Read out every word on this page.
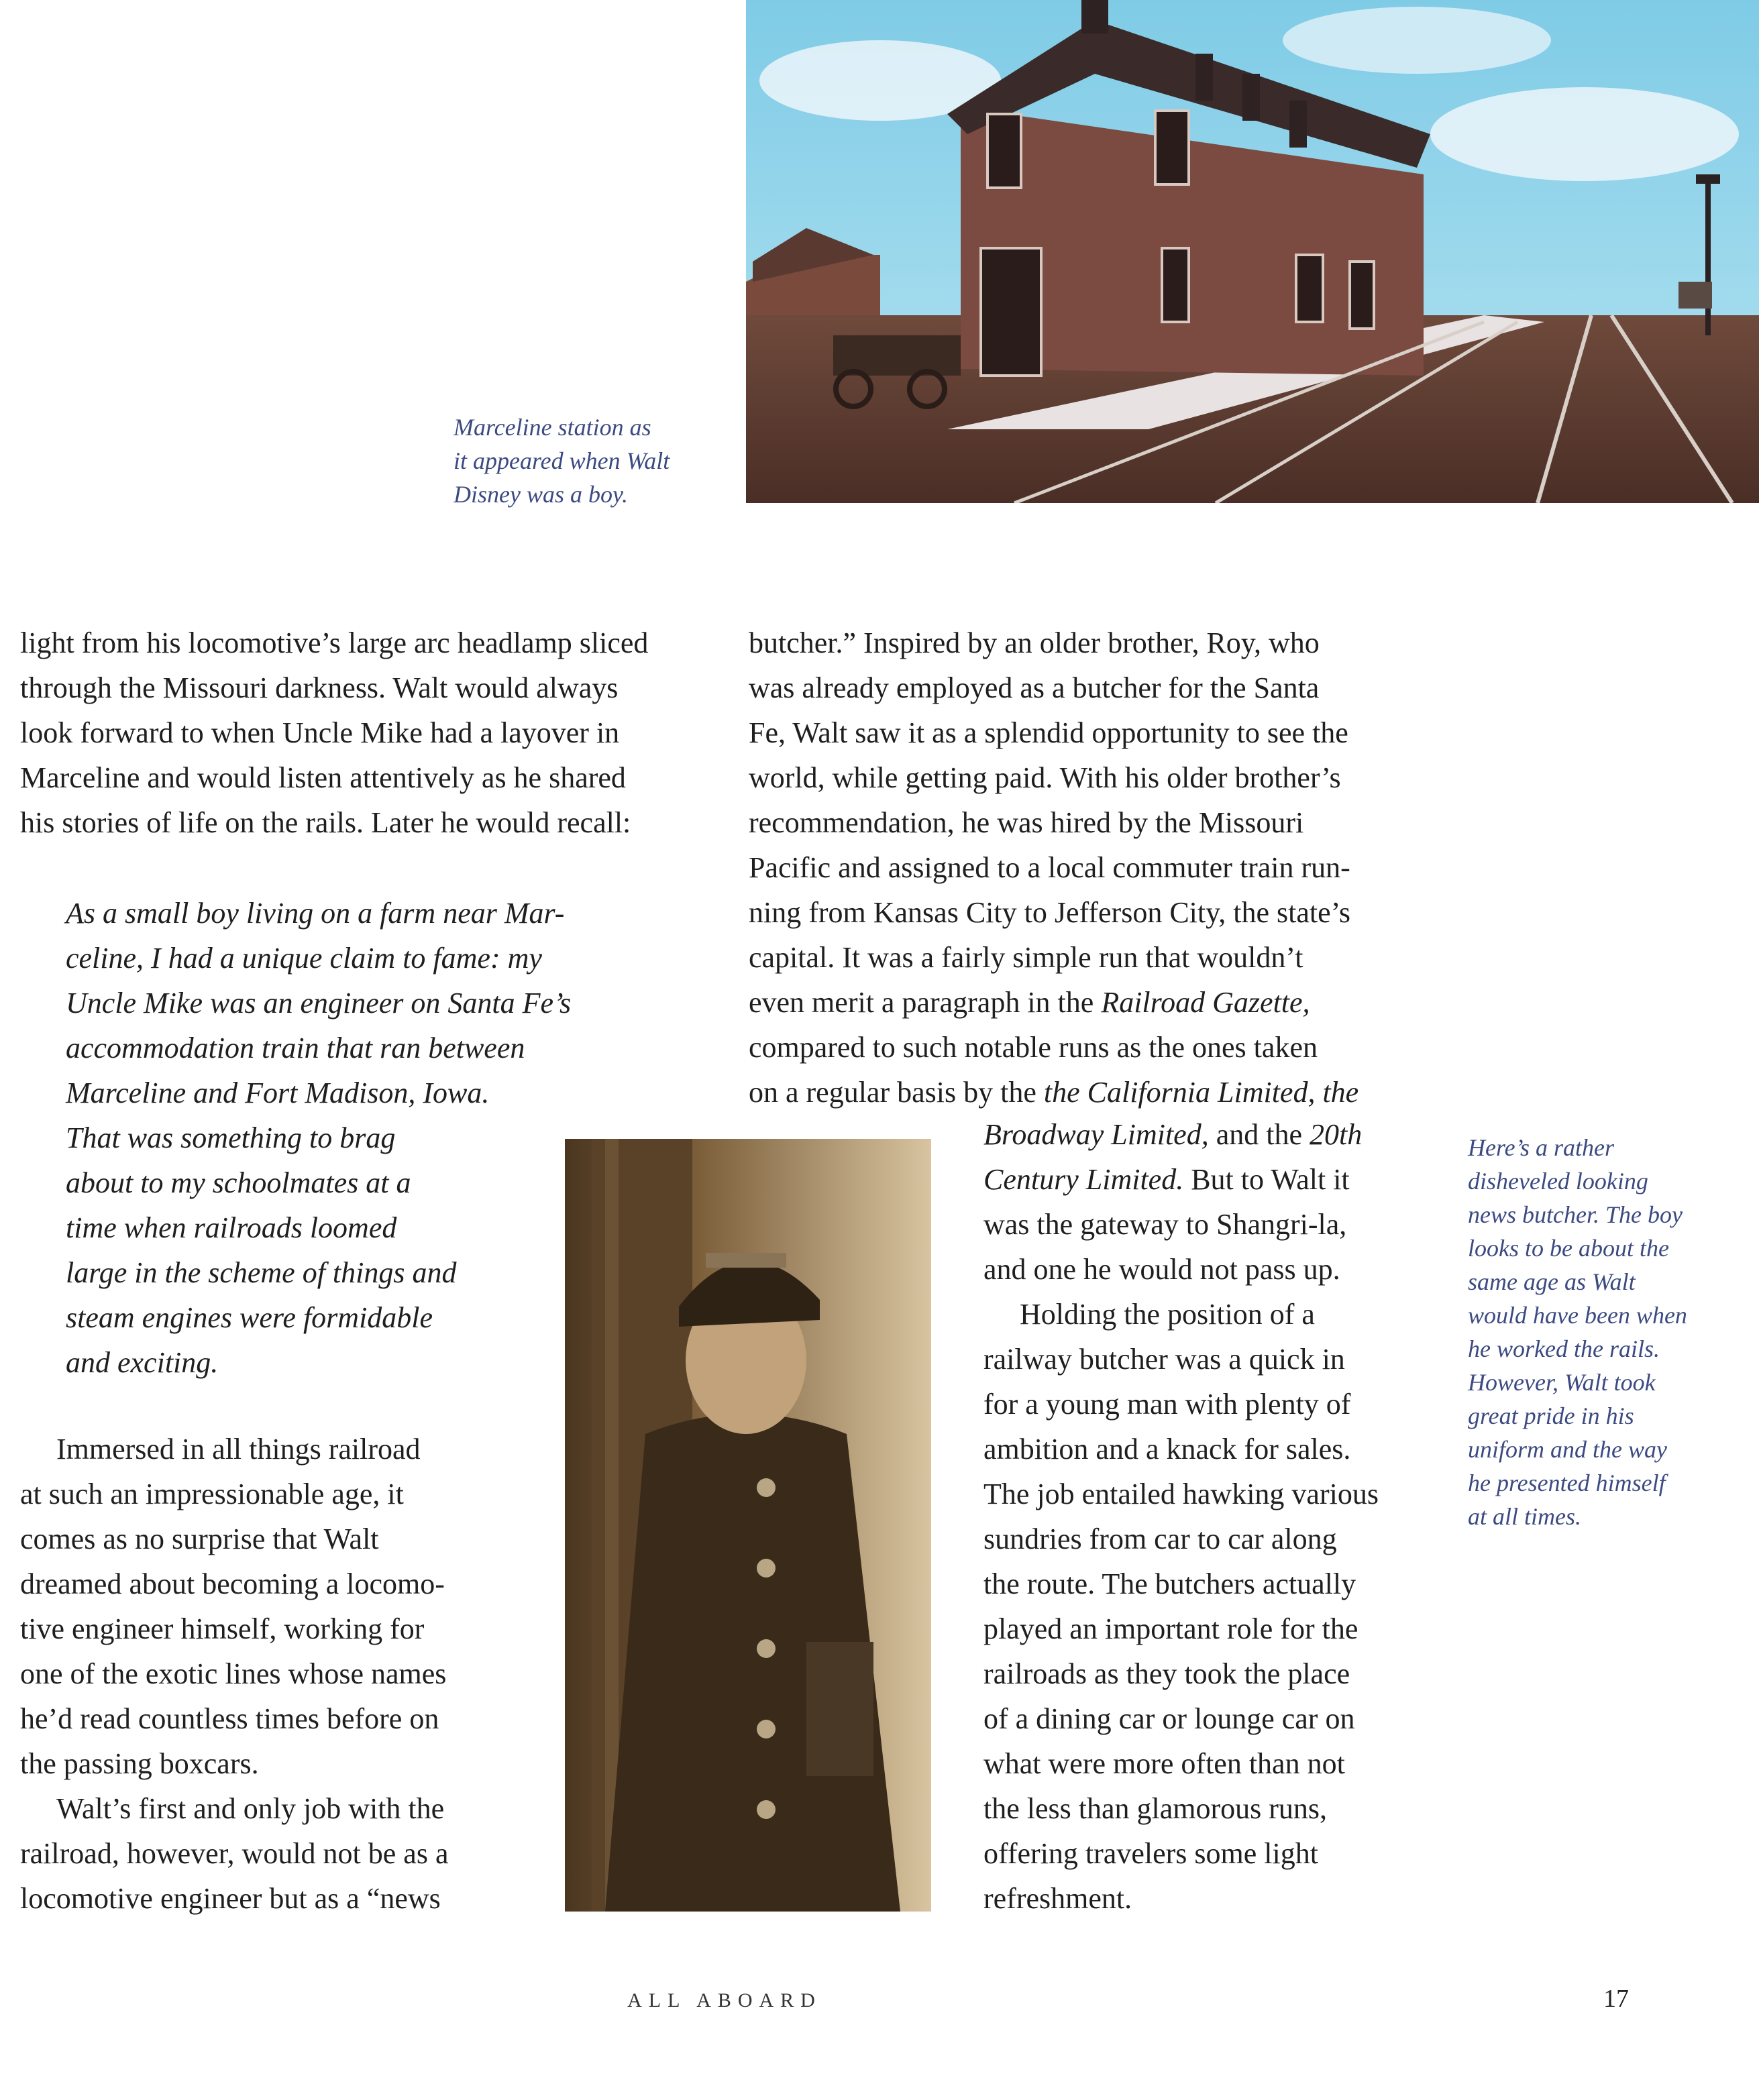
Marceline station as
it appeared when Walt
Disney was a boy.
light from his locomotive’s large arc headlamp sliced
through the Missouri darkness. Walt would always
look forward to when Uncle Mike had a layover in
Marceline and would listen attentively as he shared
his stories of life on the rails. Later he would recall:
As a small boy living on a farm near Mar-
celine, I had a unique claim to fame: my
Uncle Mike was an engineer on Santa Fe’s
accommodation train that ran between
Marceline and Fort Madison, Iowa.
That was something to brag
about to my schoolmates at a
time when railroads loomed
large in the scheme of things and
steam engines were formidable
and exciting.
Immersed in all things railroad
at such an impressionable age, it
comes as no surprise that Walt
dreamed about becoming a locomo-
tive engineer himself, working for
one of the exotic lines whose names
he’d read countless times before on
the passing boxcars.
Walt’s first and only job with the
railroad, however, would not be as a
locomotive engineer but as a “news
butcher.” Inspired by an older brother, Roy, who
was already employed as a butcher for the Santa
Fe, Walt saw it as a splendid opportunity to see the
world, while getting paid. With his older brother’s
recommendation, he was hired by the Missouri
Pacific and assigned to a local commuter train run-
ning from Kansas City to Jefferson City, the state’s
capital. It was a fairly simple run that wouldn’t
even merit a paragraph in the Railroad Gazette,
compared to such notable runs as the ones taken
on a regular basis by the the California Limited, the
Broadway Limited, and the 20th
Century Limited. But to Walt it
was the gateway to Shangri-la,
and one he would not pass up.
Holding the position of a
railway butcher was a quick in
for a young man with plenty of
ambition and a knack for sales.
The job entailed hawking various
sundries from car to car along
the route. The butchers actually
played an important role for the
railroads as they took the place
of a dining car or lounge car on
what were more often than not
the less than glamorous runs,
offering travelers some light
refreshment.
Here’s a rather
disheveled looking
news butcher. The boy
looks to be about the
same age as Walt
would have been when
he worked the rails.
However, Walt took
great pride in his
uniform and the way
he presented himself
at all times.
ALL ABOARD	17
